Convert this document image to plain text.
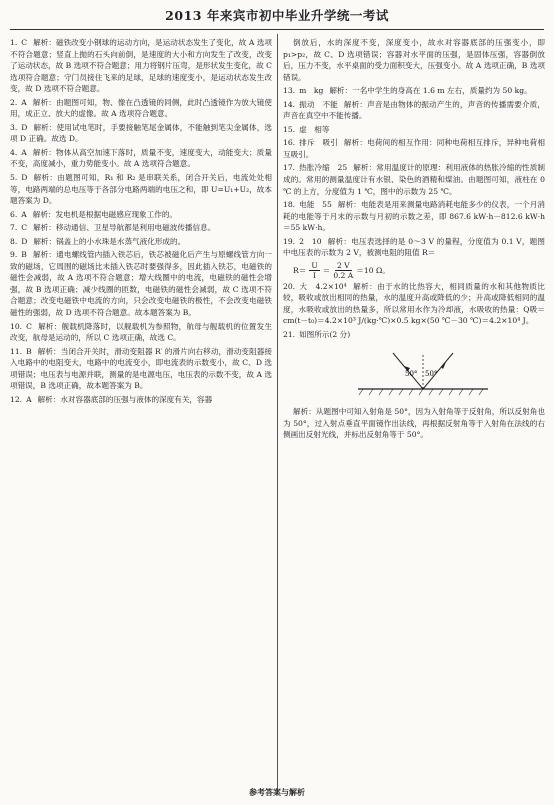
2013 年来宾市初中毕业升学统一考试

1. C 解析：磁铁改变小钢球的运动方向，是运动状态发生了变化，故 A 选项不符合题意；竖直上抛的石头向前倒，是速度的大小和方向发生了改变，改变了运动状态，故 B 选项不符合题意；用力将钢片压弯，是形状发生变化，故 C 选项符合题意；守门员接住飞来的足球，足球的速度变小，是运动状态发生改变，故 D 选项不符合题意。

2. A 解析：由题图可知，物、像在凸透镜的同侧，此时凸透镜作为放大镜使用，成正立、放大的虚像。故 A 选项符合题意。

3. D 解析：使用试电笔时，手要接触笔尾金属体，不能触到笔尖金属体，选项 D 正确。故选 D。

4. A 解析：物体从高空加速下落时，质量不变，速度变大，动能变大；质量不变，高度减小，重力势能变小。故 A 选项符合题意。

5. D 解析：由题图可知，R₁ 和 R₂ 是串联关系，闭合开关后，电流处处相等，电路两端的总电压等于各部分电路两端的电压之和，即 U=U₁+U₂，故本题答案为 D。

6. A 解析：发电机是根据电磁感应现象工作的。

7. C 解析：移动通信、卫星导航都是利用电磁波传播信息。

8. D 解析：锅盖上的小水珠是水蒸气液化形成的。

9. B 解析：通电螺线管内插入铁芯后，铁芯被磁化后产生与原螺线管方向一致的磁场，它周围的磁场比未插入铁芯时要强得多，因此插入铁芯，电磁铁的磁性会减弱，故 A 选项不符合题意；增大线圈中的电流，电磁铁的磁性会增强，故 B 选项正确；减少线圈的匝数，电磁铁的磁性会减弱，故 C 选项不符合题意；改变电磁铁中电流的方向，只会改变电磁铁的极性，不会改变电磁铁磁性的强弱，故 D 选项不符合题意。故本题答案为 B。

10. C 解析：舰载机降落时，以舰载机为参照物，航母与舰载机的位置发生改变，航母是运动的，所以 C 选项正确，故选 C。

11. B 解析：当闭合开关时，滑动变阻器 R′ 的滑片向右移动，滑动变阻器接入电路中的电阻变大，电路中的电流变小，即电流表的示数变小，故 C、D 选项错误；电压表与电源并联，测量的是电源电压，电压表的示数不变，故 A 选项错误，B 选项正确，故本题答案为 B。

12. A 解析：水对容器底部的压强与液体的深度有关，容器

倒放后，水的深度不变，深度变小，故水对容器底部的压强变小，即 p₁>p₂，故 C、D 选项错误；容器对水平面的压强，是固体压强，容器倒放后，压力不变，水平桌面的受力面积变大，压强变小。故 A 选项正确，B 选项错误。

13. m　kg 解析：一名中学生的身高在 1.6 m 左右，质量约为 50 kg。

14. 振动　不能 解析：声音是由物体的振动产生的，声音的传播需要介质，声音在真空中不能传播。

15. 虚　相等

16. 排斥　吸引 解析：电荷间的相互作用：同种电荷相互排斥，异种电荷相互吸引。

17. 热胀冷缩　25 解析：常用温度计的原理：利用液体的热胀冷缩的性质制成的。常用的测量温度计有水银、染色的酒精和煤油。由题图可知，液柱在 0 ℃ 的上方，分度值为 1 ℃，图中的示数为 25 ℃。

18. 电能　55 解析：电能表是用来测量电路消耗电能多少的仪表，一个月消耗的电能等于月末的示数与月初的示数之差，即 867.6 kW·h－812.6 kW·h＝55 kW·h。

19. 2　10 解析：电压表选择的是 0～3 V 的量程，分度值为 0.1 V，题图中电压表的示数为 2 V，被测电阻的阻值 R＝

$R= \frac{U}{I} = \frac{2 V}{0.2 A} =10$ Ω。

20. 大　4.2×10⁴ 解析：由于水的比热容大，相同质量的水和其他物质比较，吸收或放出相同的热量，水的温度升高或降低的少；升高或降低相同的温度，水吸收或放出的热量多，所以常用水作为冷却液，水吸收的热量：Q吸＝cm(t－t₀)＝4.2×10³ J/(kg·℃)×0.5 kg×(50 ℃－30 ℃)＝4.2×10⁴ J。

21. 如图所示(2 分)

50° 50°

解析：从题图中可知入射角是 50°，因为入射角等于反射角，所以反射角也为 50°，过入射点垂直平面镜作出法线，再根据反射角等于入射角在法线的右侧画出反射光线，并标出反射角等于 50°。

参考答案与解析
